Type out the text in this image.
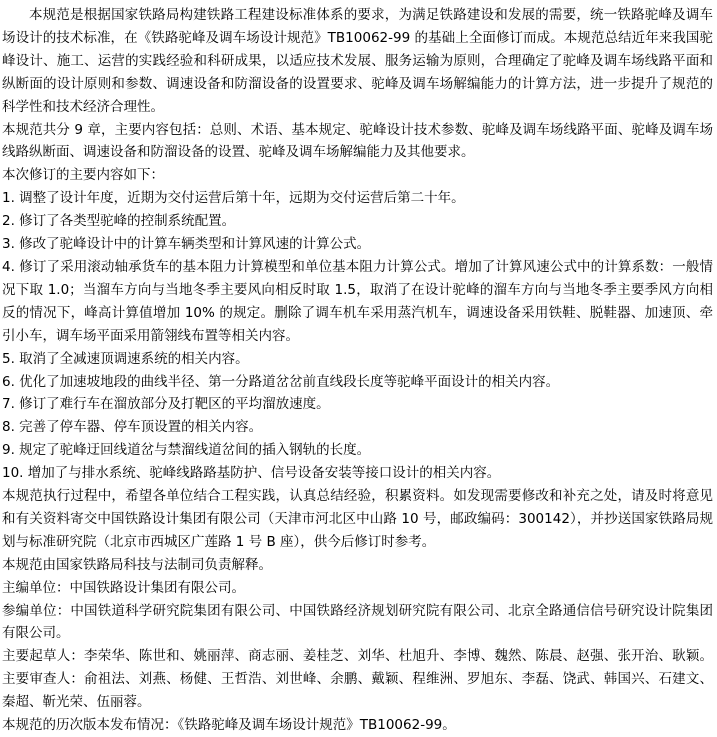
本规范是根据国家铁路局构建铁路工程建设标准体系的要求，为满足铁路建设和发展的需要，统一铁路驼峰及调车场设计的技术标准，在《铁路驼峰及调车场设计规范》TB10062-99 的基础上全面修订而成。本规范总结近年来我国驼峰设计、施工、运营的实践经验和科研成果，以适应技术发展、服务运输为原则，合理确定了驼峰及调车场线路平面和纵断面的设计原则和参数、调速设备和防溜设备的设置要求、驼峰及调车场解编能力的计算方法，进一步提升了规范的科学性和技术经济合理性。

本规范共分 9 章，主要内容包括：总则、术语、基本规定、驼峰设计技术参数、驼峰及调车场线路平面、驼峰及调车场线路纵断面、调速设备和防溜设备的设置、驼峰及调车场解编能力及其他要求。

本次修订的主要内容如下：

1. 调整了设计年度，近期为交付运营后第十年，远期为交付运营后第二十年。

2. 修订了各类型驼峰的控制系统配置。

3. 修改了驼峰设计中的计算车辆类型和计算风速的计算公式。

4. 修订了采用滚动轴承货车的基本阻力计算模型和单位基本阻力计算公式。增加了计算风速公式中的计算系数：一般情况下取 1.0；当溜车方向与当地冬季主要风向相反时取 1.5，取消了在设计驼峰的溜车方向与当地冬季主要季风方向相反的情况下，峰高计算值增加 10% 的规定。删除了调车机车采用蒸汽机车，调速设备采用铁鞋、脱鞋器、加速顶、牵引小车，调车场平面采用箭翎线布置等相关内容。

5. 取消了全减速顶调速系统的相关内容。

6. 优化了加速坡地段的曲线半径、第一分路道岔岔前直线段长度等驼峰平面设计的相关内容。

7. 修订了难行车在溜放部分及打靶区的平均溜放速度。

8. 完善了停车器、停车顶设置的相关内容。

9. 规定了驼峰迂回线道岔与禁溜线道岔间的插入钢轨的长度。

10. 增加了与排水系统、驼峰线路路基防护、信号设备安装等接口设计的相关内容。

本规范执行过程中，希望各单位结合工程实践，认真总结经验，积累资料。如发现需要修改和补充之处，请及时将意见和有关资料寄交中国铁路设计集团有限公司（天津市河北区中山路 10 号，邮政编码：300142），并抄送国家铁路局规划与标准研究院（北京市西城区广莲路 1 号 B 座），供今后修订时参考。

本规范由国家铁路局科技与法制司负责解释。

主编单位：中国铁路设计集团有限公司。

参编单位：中国铁道科学研究院集团有限公司、中国铁路经济规划研究院有限公司、北京全路通信信号研究设计院集团有限公司。

主要起草人：李荣华、陈世和、姚丽萍、商志丽、姜桂芝、刘华、杜旭升、李博、魏然、陈晨、赵强、张开治、耿颖。主要审查人：俞祖法、刘燕、杨健、王哲浩、刘世峰、余鹏、戴颖、程维洲、罗旭东、李磊、饶武、韩国兴、石建文、秦超、靳光荣、伍丽蓉。

本规范的历次版本发布情况：《铁路驼峰及调车场设计规范》TB10062-99。
